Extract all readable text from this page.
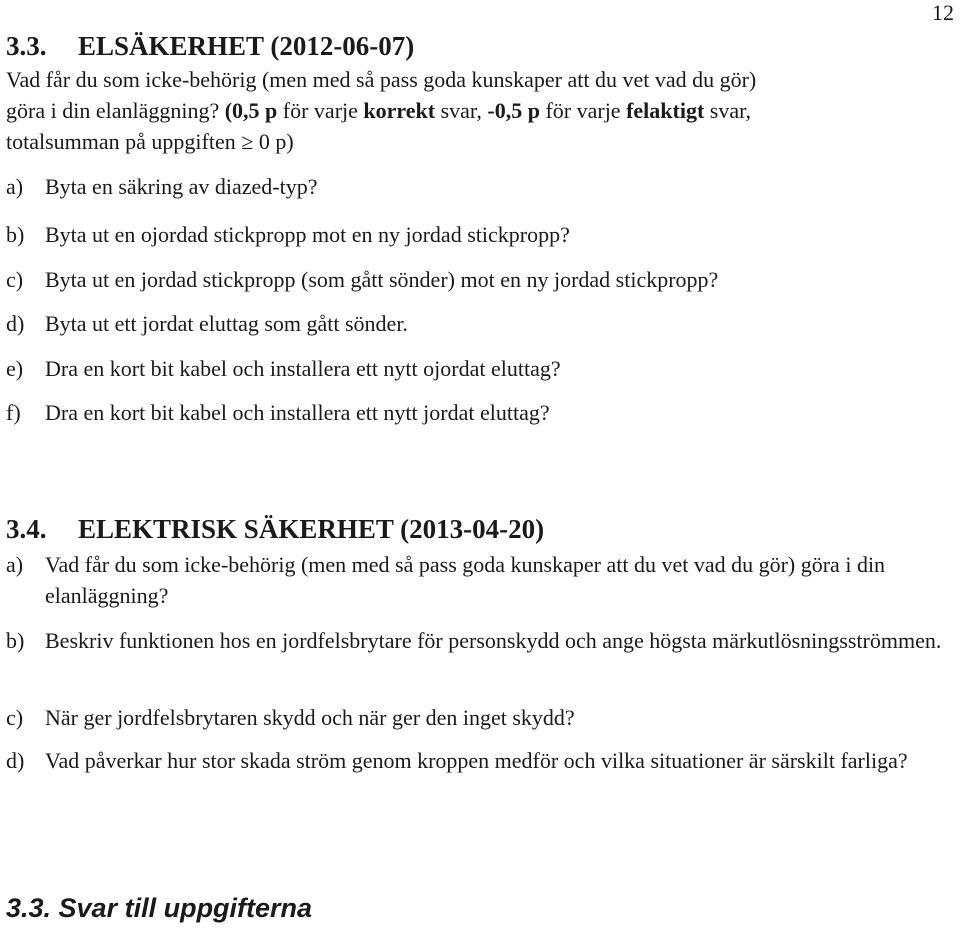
12
3.3. ELSÄKERHET (2012-06-07)
Vad får du som icke-behörig (men med så pass goda kunskaper att du vet vad du gör)
göra i din elanläggning? (0,5 p för varje korrekt svar, -0,5 p för varje felaktigt svar,
totalsumman på uppgiften ≥ 0 p)
a) Byta en säkring av diazed-typ?
b) Byta ut en ojordad stickpropp mot en ny jordad stickpropp?
c) Byta ut en jordad stickpropp (som gått sönder) mot en ny jordad stickpropp?
d) Byta ut ett jordat eluttag som gått sönder.
e) Dra en kort bit kabel och installera ett nytt ojordat eluttag?
f)	Dra en kort bit kabel och installera ett nytt jordat eluttag?
3.4. ELEKTRISK SÄKERHET (2013-04-20)
a) Vad får du som icke-behörig (men med så pass goda kunskaper att du vet vad du gör) göra i din elanläggning?
b) Beskriv funktionen hos en jordfelsbrytare för personskydd och ange högsta märkutlösningsströmmen.
c) När ger jordfelsbrytaren skydd och när ger den inget skydd?
d) Vad påverkar hur stor skada ström genom kroppen medför och vilka situationer är särskilt farliga?
3.3. Svar till uppgifterna
